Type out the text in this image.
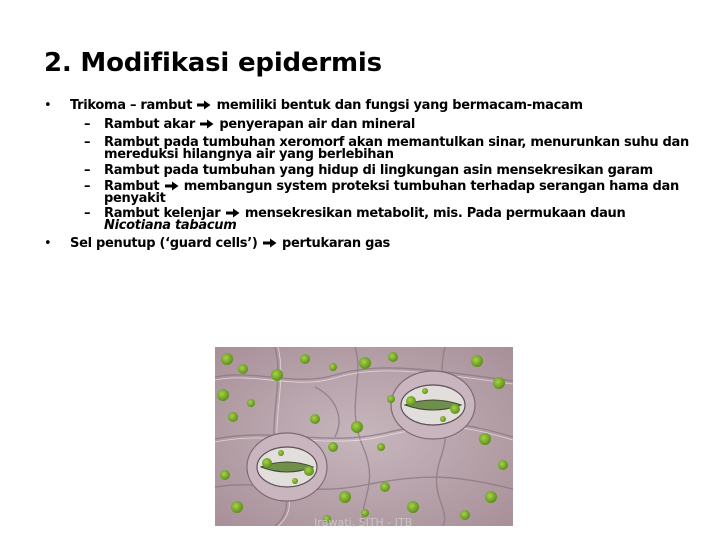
2. Modifikasi epidermis
• Trikoma – rambut memiliki bentuk dan fungsi yang bermacam-macam
– Rambut akar penyerapan air dan mineral
– Rambut pada tumbuhan xeromorf akan memantulkan sinar, menurunkan suhu dan mereduksi hilangnya air yang berlebihan
– Rambut pada tumbuhan yang hidup di lingkungan asin mensekresikan garam
– Rambut membangun system proteksi tumbuhan terhadap serangan hama dan penyakit
– Rambut kelenjar mensekresikan metabolit, mis. Pada permukaan daun Nicotiana tabacum
• Sel penutup (‘guard cells’) pertukaran gas
Irawati, SITH - ITB
